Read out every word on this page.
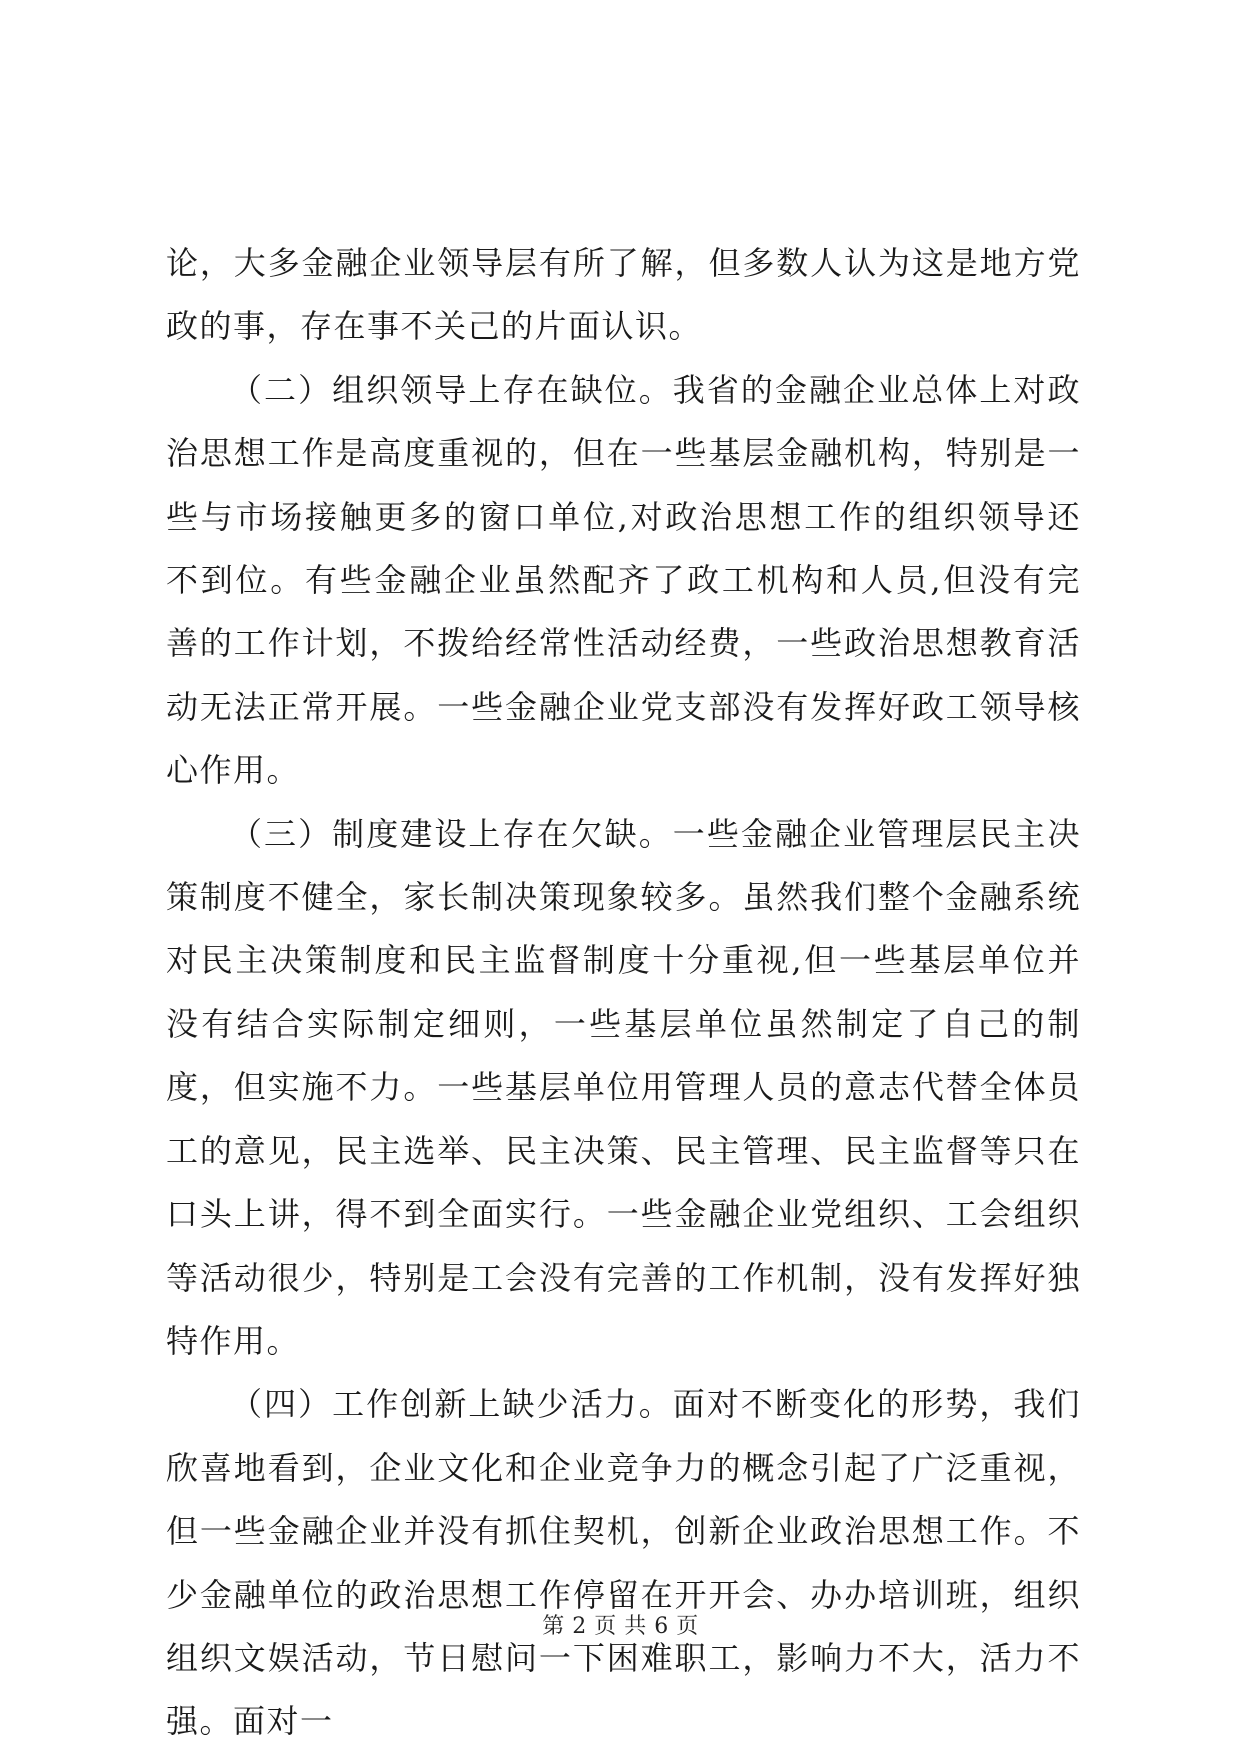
论，大多金融企业领导层有所了解，但多数人认为这是地方党政的事，存在事不关己的片面认识。

（二）组织领导上存在缺位。我省的金融企业总体上对政治思想工作是高度重视的，但在一些基层金融机构，特别是一些与市场接触更多的窗口单位,对政治思想工作的组织领导还不到位。有些金融企业虽然配齐了政工机构和人员,但没有完善的工作计划，不拨给经常性活动经费，一些政治思想教育活动无法正常开展。一些金融企业党支部没有发挥好政工领导核心作用。

（三）制度建设上存在欠缺。一些金融企业管理层民主决策制度不健全，家长制决策现象较多。虽然我们整个金融系统对民主决策制度和民主监督制度十分重视,但一些基层单位并没有结合实际制定细则，一些基层单位虽然制定了自己的制度，但实施不力。一些基层单位用管理人员的意志代替全体员工的意见，民主选举、民主决策、民主管理、民主监督等只在口头上讲，得不到全面实行。一些金融企业党组织、工会组织等活动很少，特别是工会没有完善的工作机制，没有发挥好独特作用。

（四）工作创新上缺少活力。面对不断变化的形势，我们欣喜地看到，企业文化和企业竞争力的概念引起了广泛重视，但一些金融企业并没有抓住契机，创新企业政治思想工作。不少金融单位的政治思想工作停留在开开会、办办培训班，组织组织文娱活动，节日慰问一下困难职工，影响力不大，活力不强。面对一

第 2 页 共 6 页
